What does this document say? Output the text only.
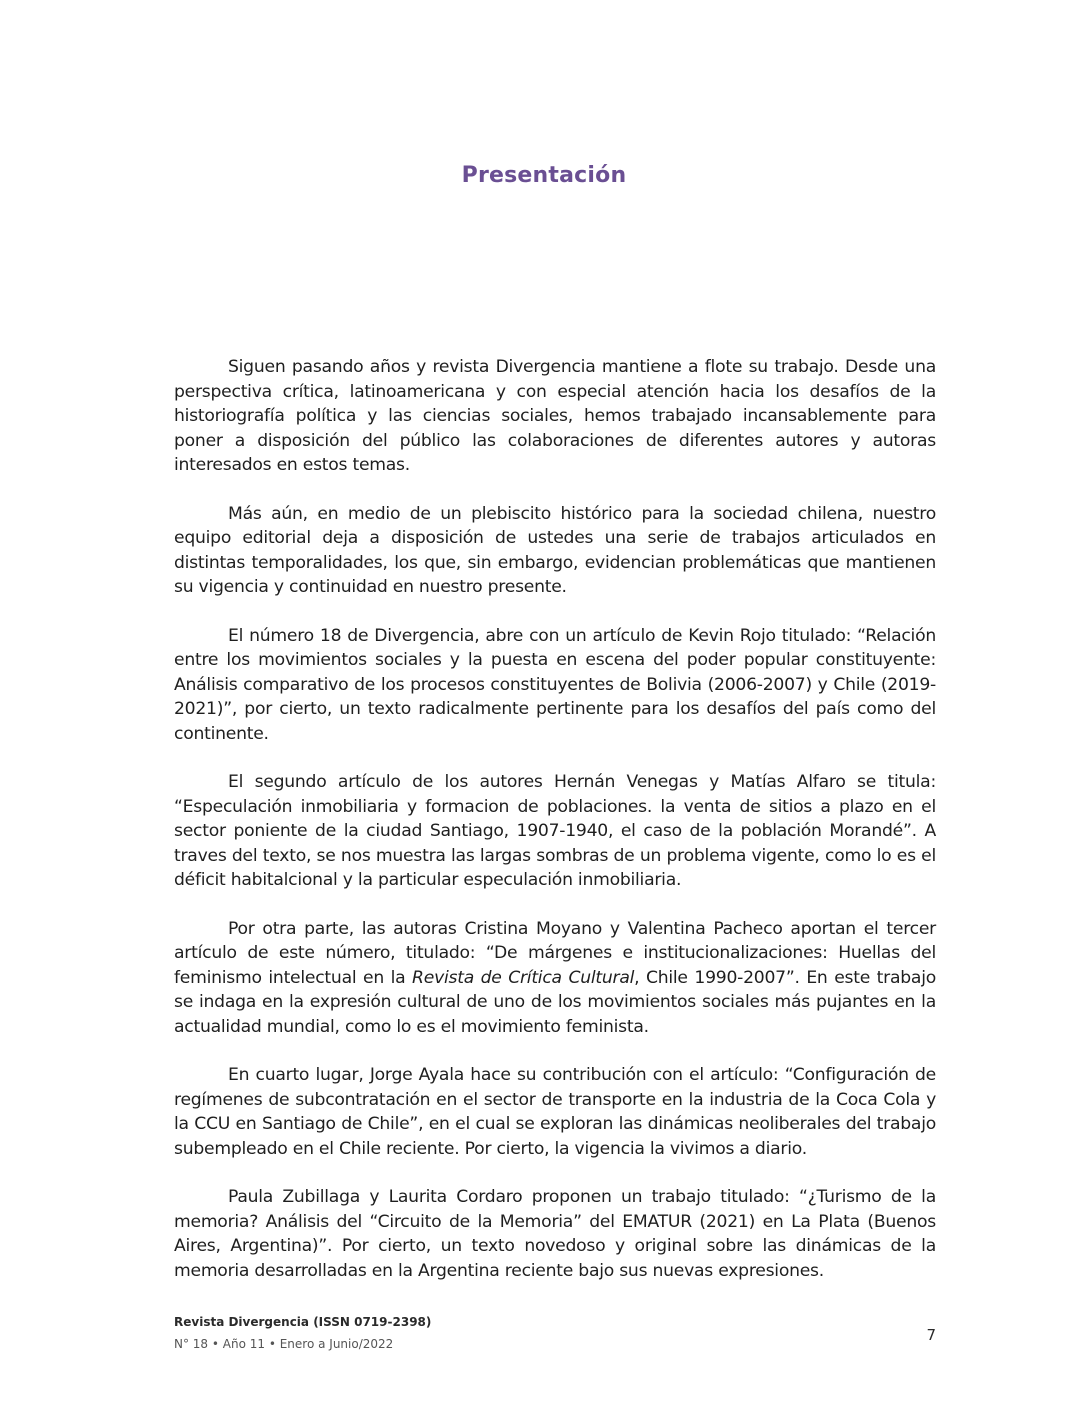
Presentación

Siguen pasando años y revista Divergencia mantiene a flote su trabajo. Desde una perspectiva crítica, latinoamericana y con especial atención hacia los desafíos de la historiografía política y las ciencias sociales, hemos trabajado incansablemente para poner a disposición del público las colaboraciones de diferentes autores y autoras interesados en estos temas.

Más aún, en medio de un plebiscito histórico para la sociedad chilena, nuestro equipo editorial deja a disposición de ustedes una serie de trabajos articulados en distintas temporalidades, los que, sin embargo, evidencian problemáticas que mantienen su vigencia y continuidad en nuestro presente.

El número 18 de Divergencia, abre con un artículo de Kevin Rojo titulado: “Relación entre los movimientos sociales y la puesta en escena del poder popular constituyente: Análisis comparativo de los procesos constituyentes de Bolivia (2006-2007) y Chile (2019-2021)”, por cierto, un texto radicalmente pertinente para los desafíos del país como del continente.

El segundo artículo de los autores Hernán Venegas y Matías Alfaro se titula: “Especulación inmobiliaria y formacion de poblaciones. la venta de sitios a plazo en el sector poniente de la ciudad Santiago, 1907-1940, el caso de la población Morandé”. A traves del texto, se nos muestra las largas sombras de un problema vigente, como lo es el déficit habitalcional y la particular especulación inmobiliaria.

Por otra parte, las autoras Cristina Moyano y Valentina Pacheco aportan el tercer artículo de este número, titulado: “De márgenes e institucionalizaciones: Huellas del feminismo intelectual en la Revista de Crítica Cultural, Chile 1990-2007”. En este trabajo se indaga en la expresión cultural de uno de los movimientos sociales más pujantes en la actualidad mundial, como lo es el movimiento feminista.

En cuarto lugar, Jorge Ayala hace su contribución con el artículo: “Configuración de regímenes de subcontratación en el sector de transporte en la industria de la Coca Cola y la CCU en Santiago de Chile”, en el cual se exploran las dinámicas neoliberales del trabajo subempleado en el Chile reciente. Por cierto, la vigencia la vivimos a diario.

Paula Zubillaga y Laurita Cordaro proponen un trabajo titulado: “¿Turismo de la memoria? Análisis del “Circuito de la Memoria” del EMATUR (2021) en La Plata (Buenos Aires, Argentina)”. Por cierto, un texto novedoso y original sobre las dinámicas de la memoria desarrolladas en la Argentina reciente bajo sus nuevas expresiones.

Revista Divergencia (ISSN 0719-2398)
N° 18 • Año 11 • Enero a Junio/2022	7
